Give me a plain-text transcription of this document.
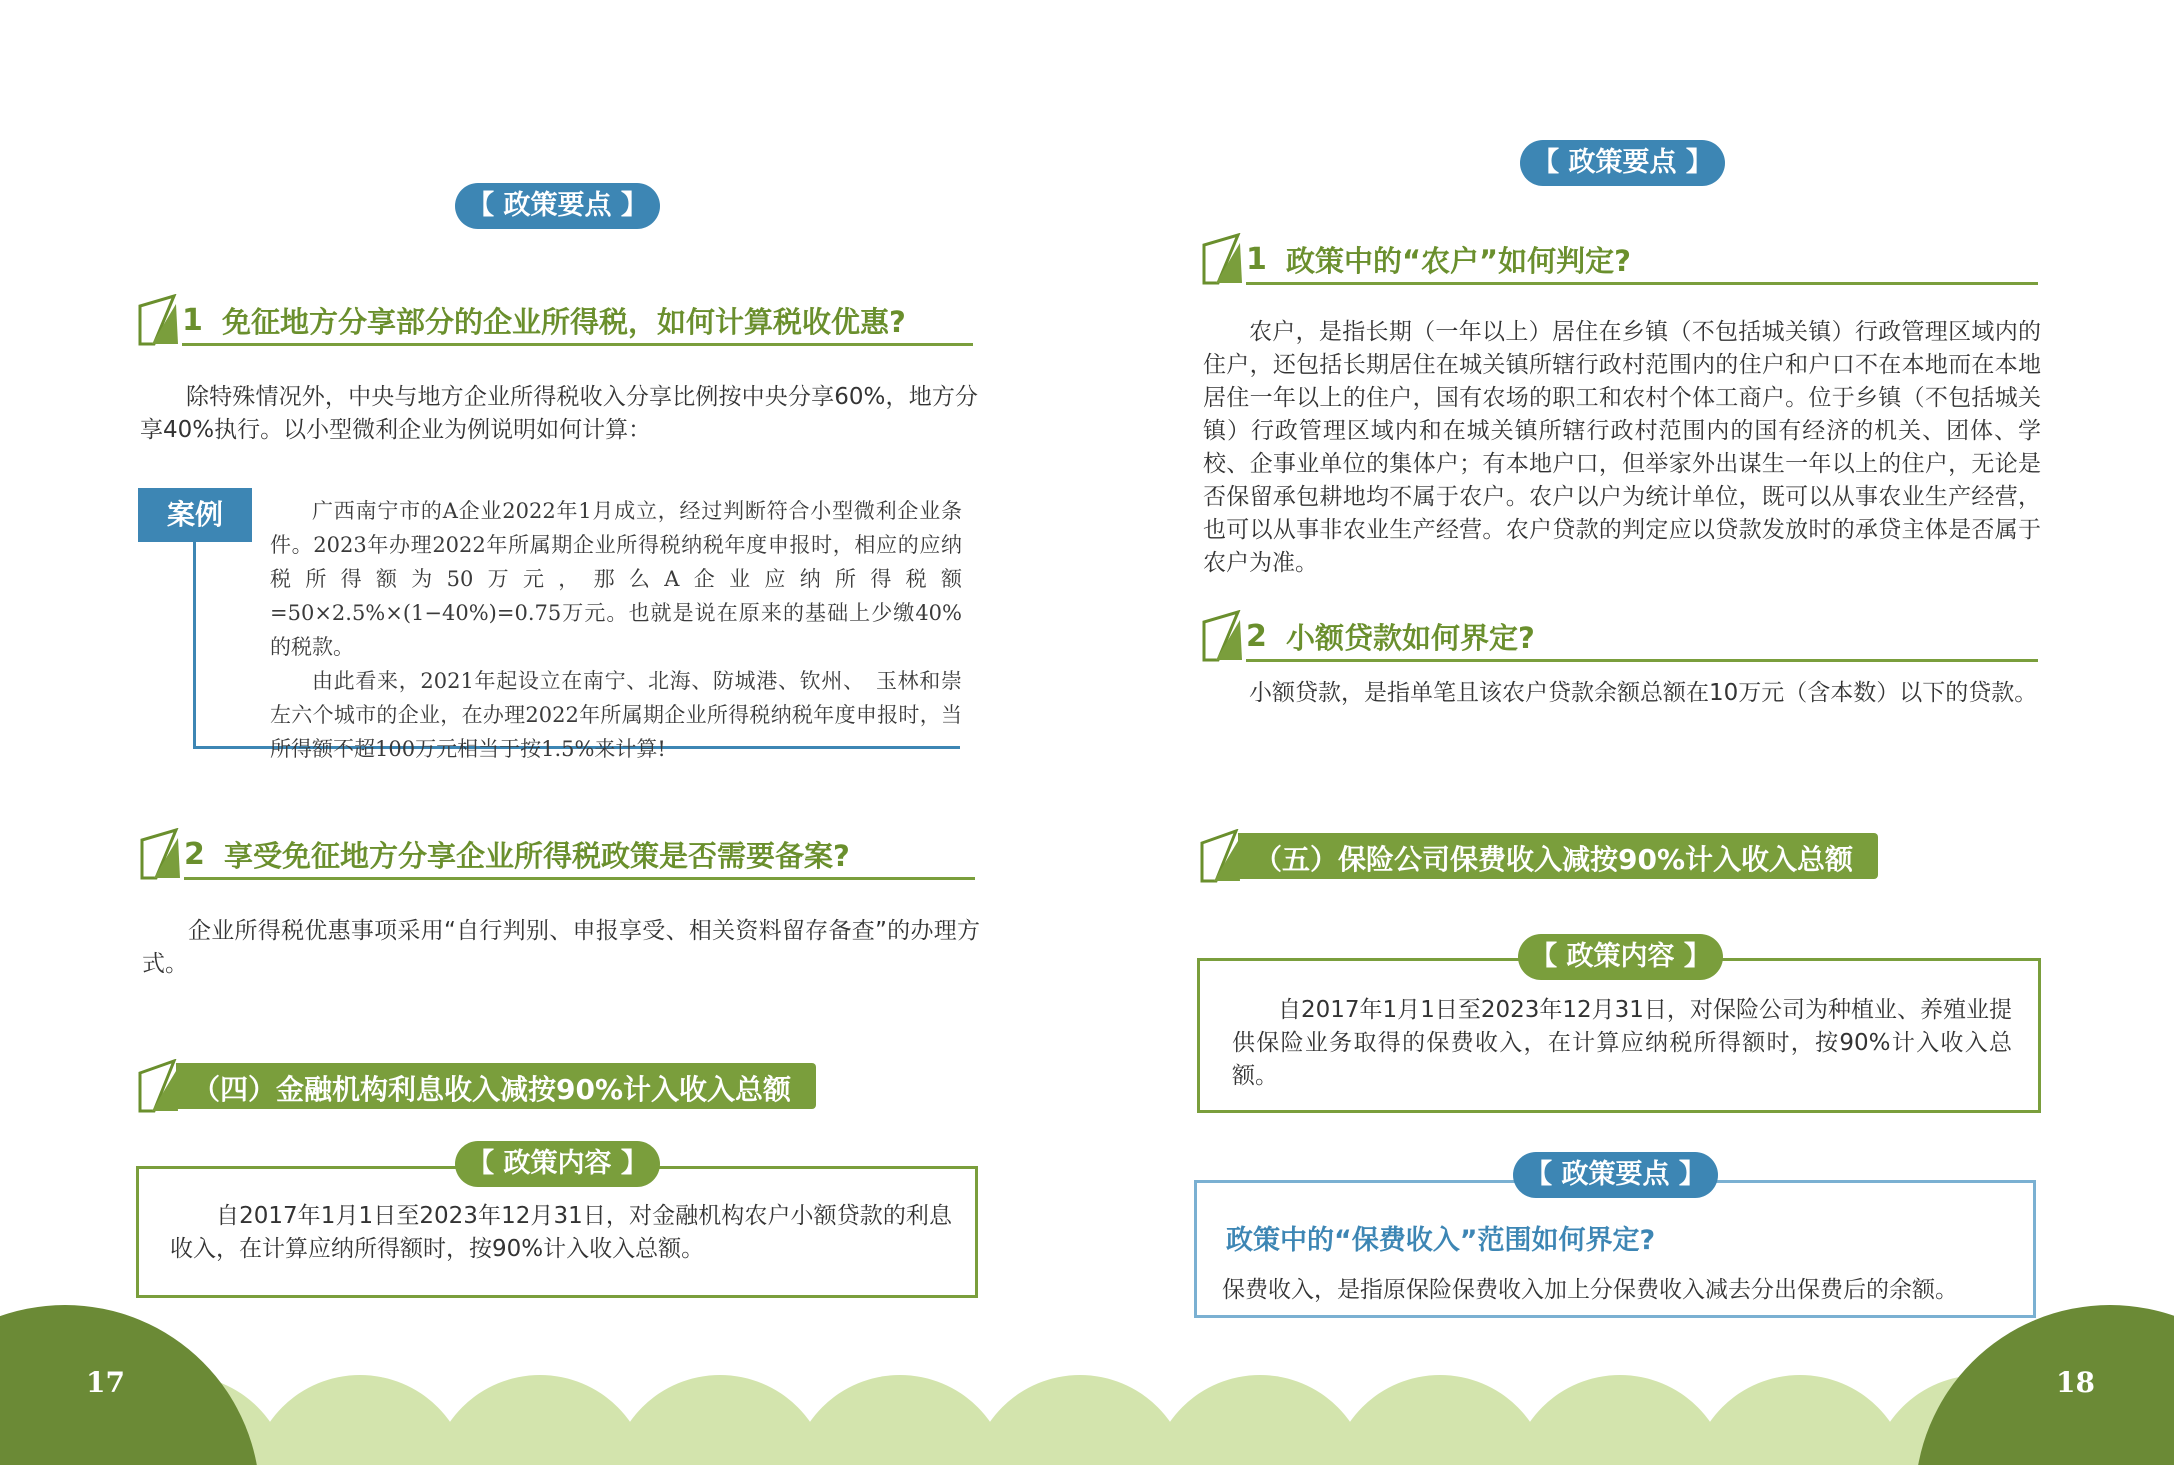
【 政策要点 】
1 免征地方分享部分的企业所得税，如何计算税收优惠?
除特殊情况外，中央与地方企业所得税收入分享比例按中央分享60%，地方分享40%执行。以小型微利企业为例说明如何计算：
案例	广西南宁市的A企业2022年1月成立，经过判断符合小型微利企业条件。2023年办理2022年所属期企业所得税纳税年度申报时，相应的应纳税所得额为50万元，那么A企业应纳所得税额=50×2.5%×(1−40%)=0.75万元。也就是说在原来的基础上少缴40% 的税款。

由此看来，2021年起设立在南宁、北海、防城港、钦州、　玉林和崇左六个城市的企业，在办理2022年所属期企业所得税纳税年度申报时，当所得额不超100万元相当于按1.5%来计算!

2 享受免征地方分享企业所得税政策是否需要备案?
企业所得税优惠事项采用“自行判别、申报享受、相关资料留存备查”的办理方式。
（四）金融机构利息收入减按90%计入收入总额
【 政策内容 】
自2017年1月1日至2023年12月31日，对金融机构农户小额贷款的利息收入，在计算应纳所得额时，按90%计入收入总额。
【 政策要点 】
1 政策中的“农户”如何判定?
农户，是指长期（一年以上）居住在乡镇（不包括城关镇）行政管理区域内的住户，还包括长期居住在城关镇所辖行政村范围内的住户和户口不在本地而在本地居住一年以上的住户，国有农场的职工和农村个体工商户。位于乡镇（不包括城关镇）行政管理区域内和在城关镇所辖行政村范围内的国有经济的机关、团体、学校、企事业单位的集体户；有本地户口，但举家外出谋生一年以上的住户，无论是否保留承包耕地均不属于农户。农户以户为统计单位，既可以从事农业生产经营，也可以从事非农业生产经营。农户贷款的判定应以贷款发放时的承贷主体是否属于农户为准。
2 小额贷款如何界定?
小额贷款，是指单笔且该农户贷款余额总额在10万元（含本数）以下的贷款。
（五）保险公司保费收入减按90%计入收入总额
【 政策内容 】
自2017年1月1日至2023年12月31日，对保险公司为种植业、养殖业提供保险业务取得的保费收入，在计算应纳税所得额时，按90%计入收入总额。
【 政策要点 】
政策中的“保费收入”范围如何界定?
保费收入，是指原保险保费收入加上分保费收入减去分出保费后的余额。
17	18
